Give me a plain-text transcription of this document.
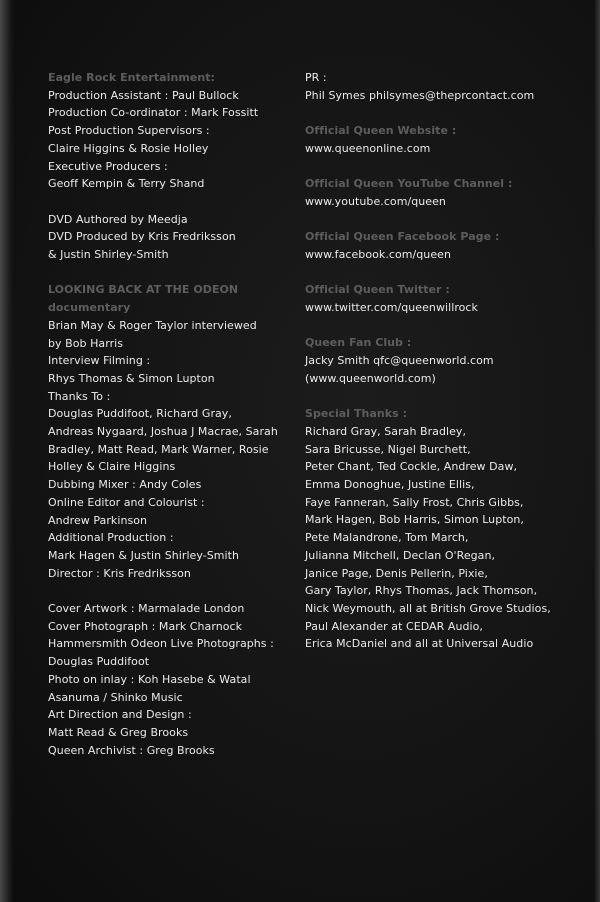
Eagle Rock Entertainment:
Production Assistant : Paul Bullock
Production Co-ordinator : Mark Fossitt
Post Production Supervisors :
Claire Higgins & Rosie Holley
Executive Producers :
Geoff Kempin & Terry Shand
DVD Authored by Meedja
DVD Produced by Kris Fredriksson
& Justin Shirley-Smith
LOOKING BACK AT THE ODEON
documentary
Brian May & Roger Taylor interviewed
by Bob Harris
Interview Filming :
Rhys Thomas & Simon Lupton
Thanks To :
Douglas Puddifoot, Richard Gray,
Andreas Nygaard, Joshua J Macrae, Sarah
Bradley, Matt Read, Mark Warner, Rosie
Holley & Claire Higgins
Dubbing Mixer : Andy Coles
Online Editor and Colourist :
Andrew Parkinson
Additional Production :
Mark Hagen & Justin Shirley-Smith
Director : Kris Fredriksson
Cover Artwork : Marmalade London
Cover Photograph : Mark Charnock
Hammersmith Odeon Live Photographs :
Douglas Puddifoot
Photo on inlay : Koh Hasebe & Watal
Asanuma / Shinko Music
Art Direction and Design :
Matt Read & Greg Brooks
Queen Archivist : Greg Brooks
PR :
Phil Symes philsymes@theprcontact.com
Official Queen Website :
www.queenonline.com
Official Queen YouTube Channel :
www.youtube.com/queen
Official Queen Facebook Page :
www.facebook.com/queen
Official Queen Twitter :
www.twitter.com/queenwillrock
Queen Fan Club :
Jacky Smith qfc@queenworld.com
(www.queenworld.com)
Special Thanks :
Richard Gray, Sarah Bradley,
Sara Bricusse, Nigel Burchett,
Peter Chant, Ted Cockle, Andrew Daw,
Emma Donoghue, Justine Ellis,
Faye Fanneran, Sally Frost, Chris Gibbs,
Mark Hagen, Bob Harris, Simon Lupton,
Pete Malandrone, Tom March,
Julianna Mitchell, Declan O'Regan,
Janice Page, Denis Pellerin, Pixie,
Gary Taylor, Rhys Thomas, Jack Thomson,
Nick Weymouth, all at British Grove Studios,
Paul Alexander at CEDAR Audio,
Erica McDaniel and all at Universal Audio
